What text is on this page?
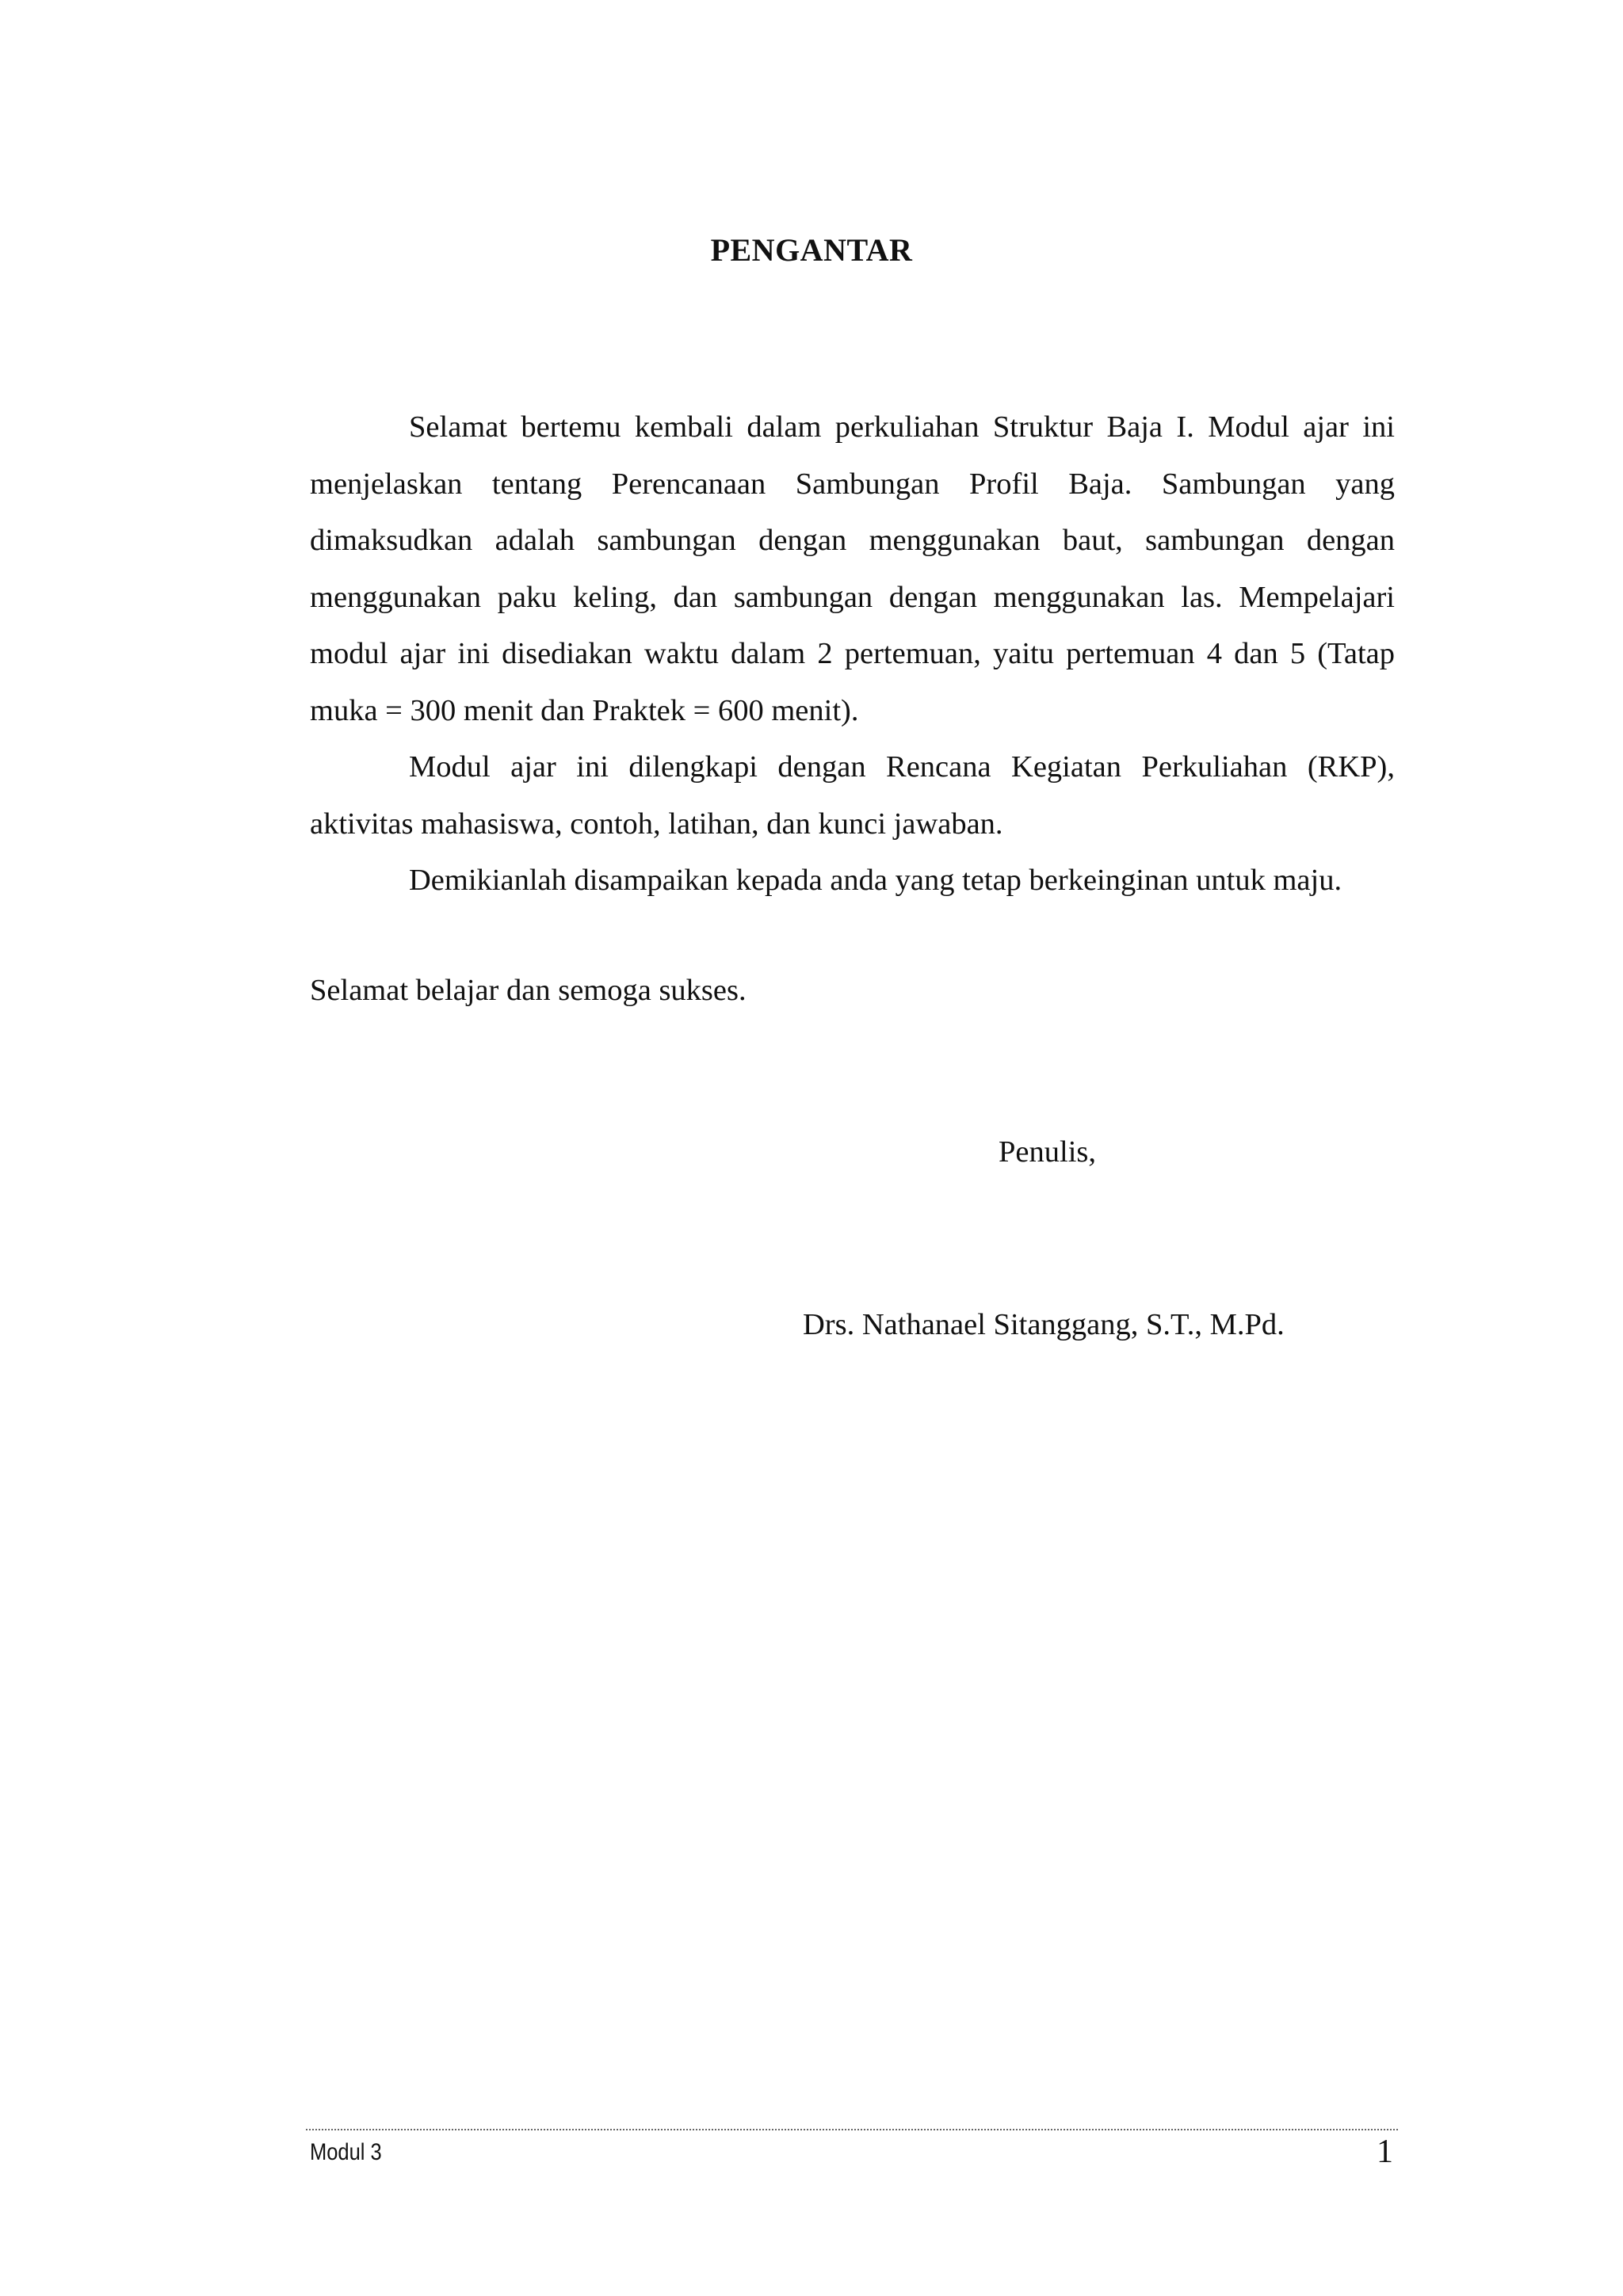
PENGANTAR

Selamat bertemu kembali dalam perkuliahan Struktur Baja I. Modul ajar ini menjelaskan tentang Perencanaan Sambungan Profil Baja. Sambungan yang dimaksudkan adalah sambungan dengan menggunakan baut, sambungan dengan menggunakan paku keling, dan sambungan dengan menggunakan las. Mempelajari modul ajar ini disediakan waktu dalam 2 pertemuan, yaitu pertemuan 4 dan 5 (Tatap muka = 300 menit dan Praktek = 600 menit).

Modul ajar ini dilengkapi dengan Rencana Kegiatan Perkuliahan (RKP), aktivitas mahasiswa, contoh, latihan, dan kunci jawaban.

Demikianlah disampaikan kepada anda yang tetap berkeinginan untuk maju.

Selamat belajar dan semoga sukses.

Penulis,

Drs. Nathanael Sitanggang, S.T., M.Pd.

Modul 3	1
